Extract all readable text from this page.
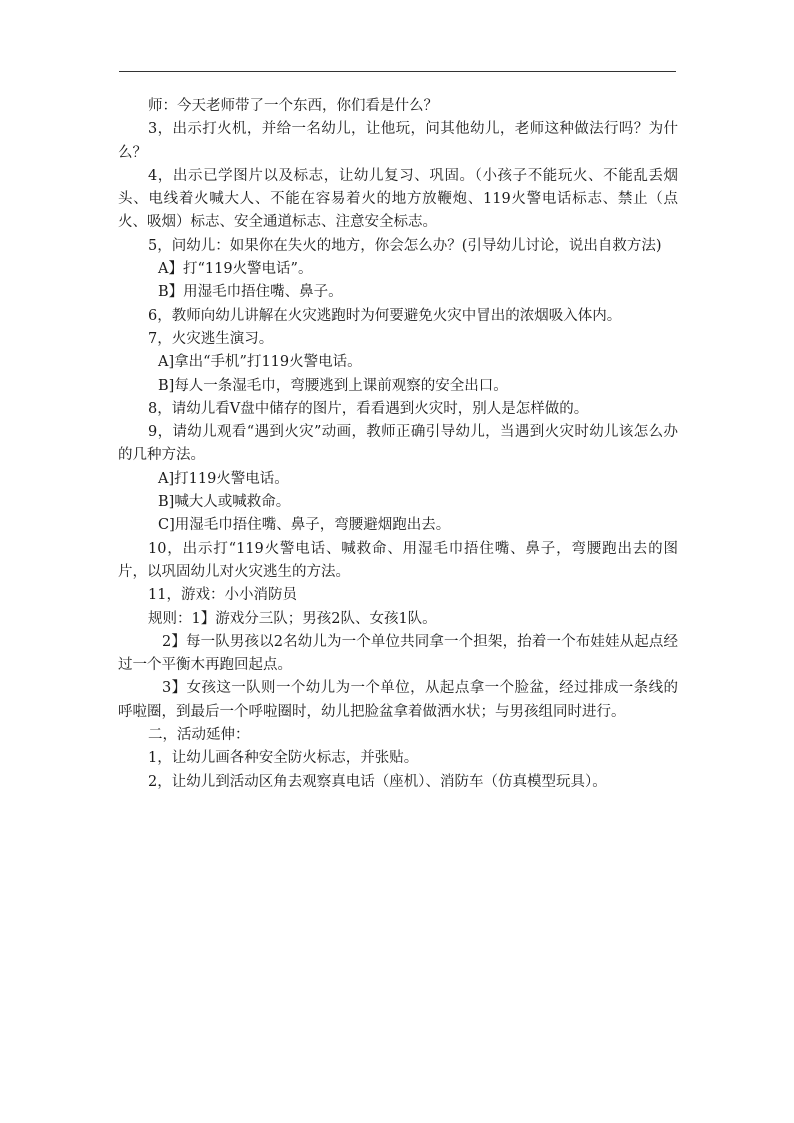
师：今天老师带了一个东西，你们看是什么？

3，出示打火机，并给一名幼儿，让他玩，问其他幼儿，老师这种做法行吗？为什么？

4，出示已学图片以及标志，让幼儿复习、巩固。（小孩子不能玩火、不能乱丢烟头、电线着火喊大人、不能在容易着火的地方放鞭炮、119火警电话标志、禁止（点火、吸烟）标志、安全通道标志、注意安全标志。

5，问幼儿：如果你在失火的地方，你会怎么办？(引导幼儿讨论，说出自救方法)

A】打“119火警电话”。

B】用湿毛巾捂住嘴、鼻子。

6，教师向幼儿讲解在火灾逃跑时为何要避免火灾中冒出的浓烟吸入体内。

7，火灾逃生演习。

A]拿出“手机”打119火警电话。

B]每人一条湿毛巾，弯腰逃到上课前观察的安全出口。

8，请幼儿看V盘中储存的图片，看看遇到火灾时，别人是怎样做的。

9，请幼儿观看“遇到火灾”动画，教师正确引导幼儿，当遇到火灾时幼儿该怎么办的几种方法。

A]打119火警电话。

B]喊大人或喊救命。

C]用湿毛巾捂住嘴、鼻子，弯腰避烟跑出去。

10，出示打“119火警电话、喊救命、用湿毛巾捂住嘴、鼻子，弯腰跑出去的图片，以巩固幼儿对火灾逃生的方法。

11，游戏：小小消防员

规则：1】游戏分三队；男孩2队、女孩1队。

2】每一队男孩以2名幼儿为一个单位共同拿一个担架，抬着一个布娃娃从起点经过一个平衡木再跑回起点。

3】女孩这一队则一个幼儿为一个单位，从起点拿一个脸盆，经过排成一条线的呼啦圈，到最后一个呼啦圈时，幼儿把脸盆拿着做洒水状；与男孩组同时进行。

二，活动延伸：

1，让幼儿画各种安全防火标志，并张贴。

2，让幼儿到活动区角去观察真电话（座机）、消防车（仿真模型玩具）。
